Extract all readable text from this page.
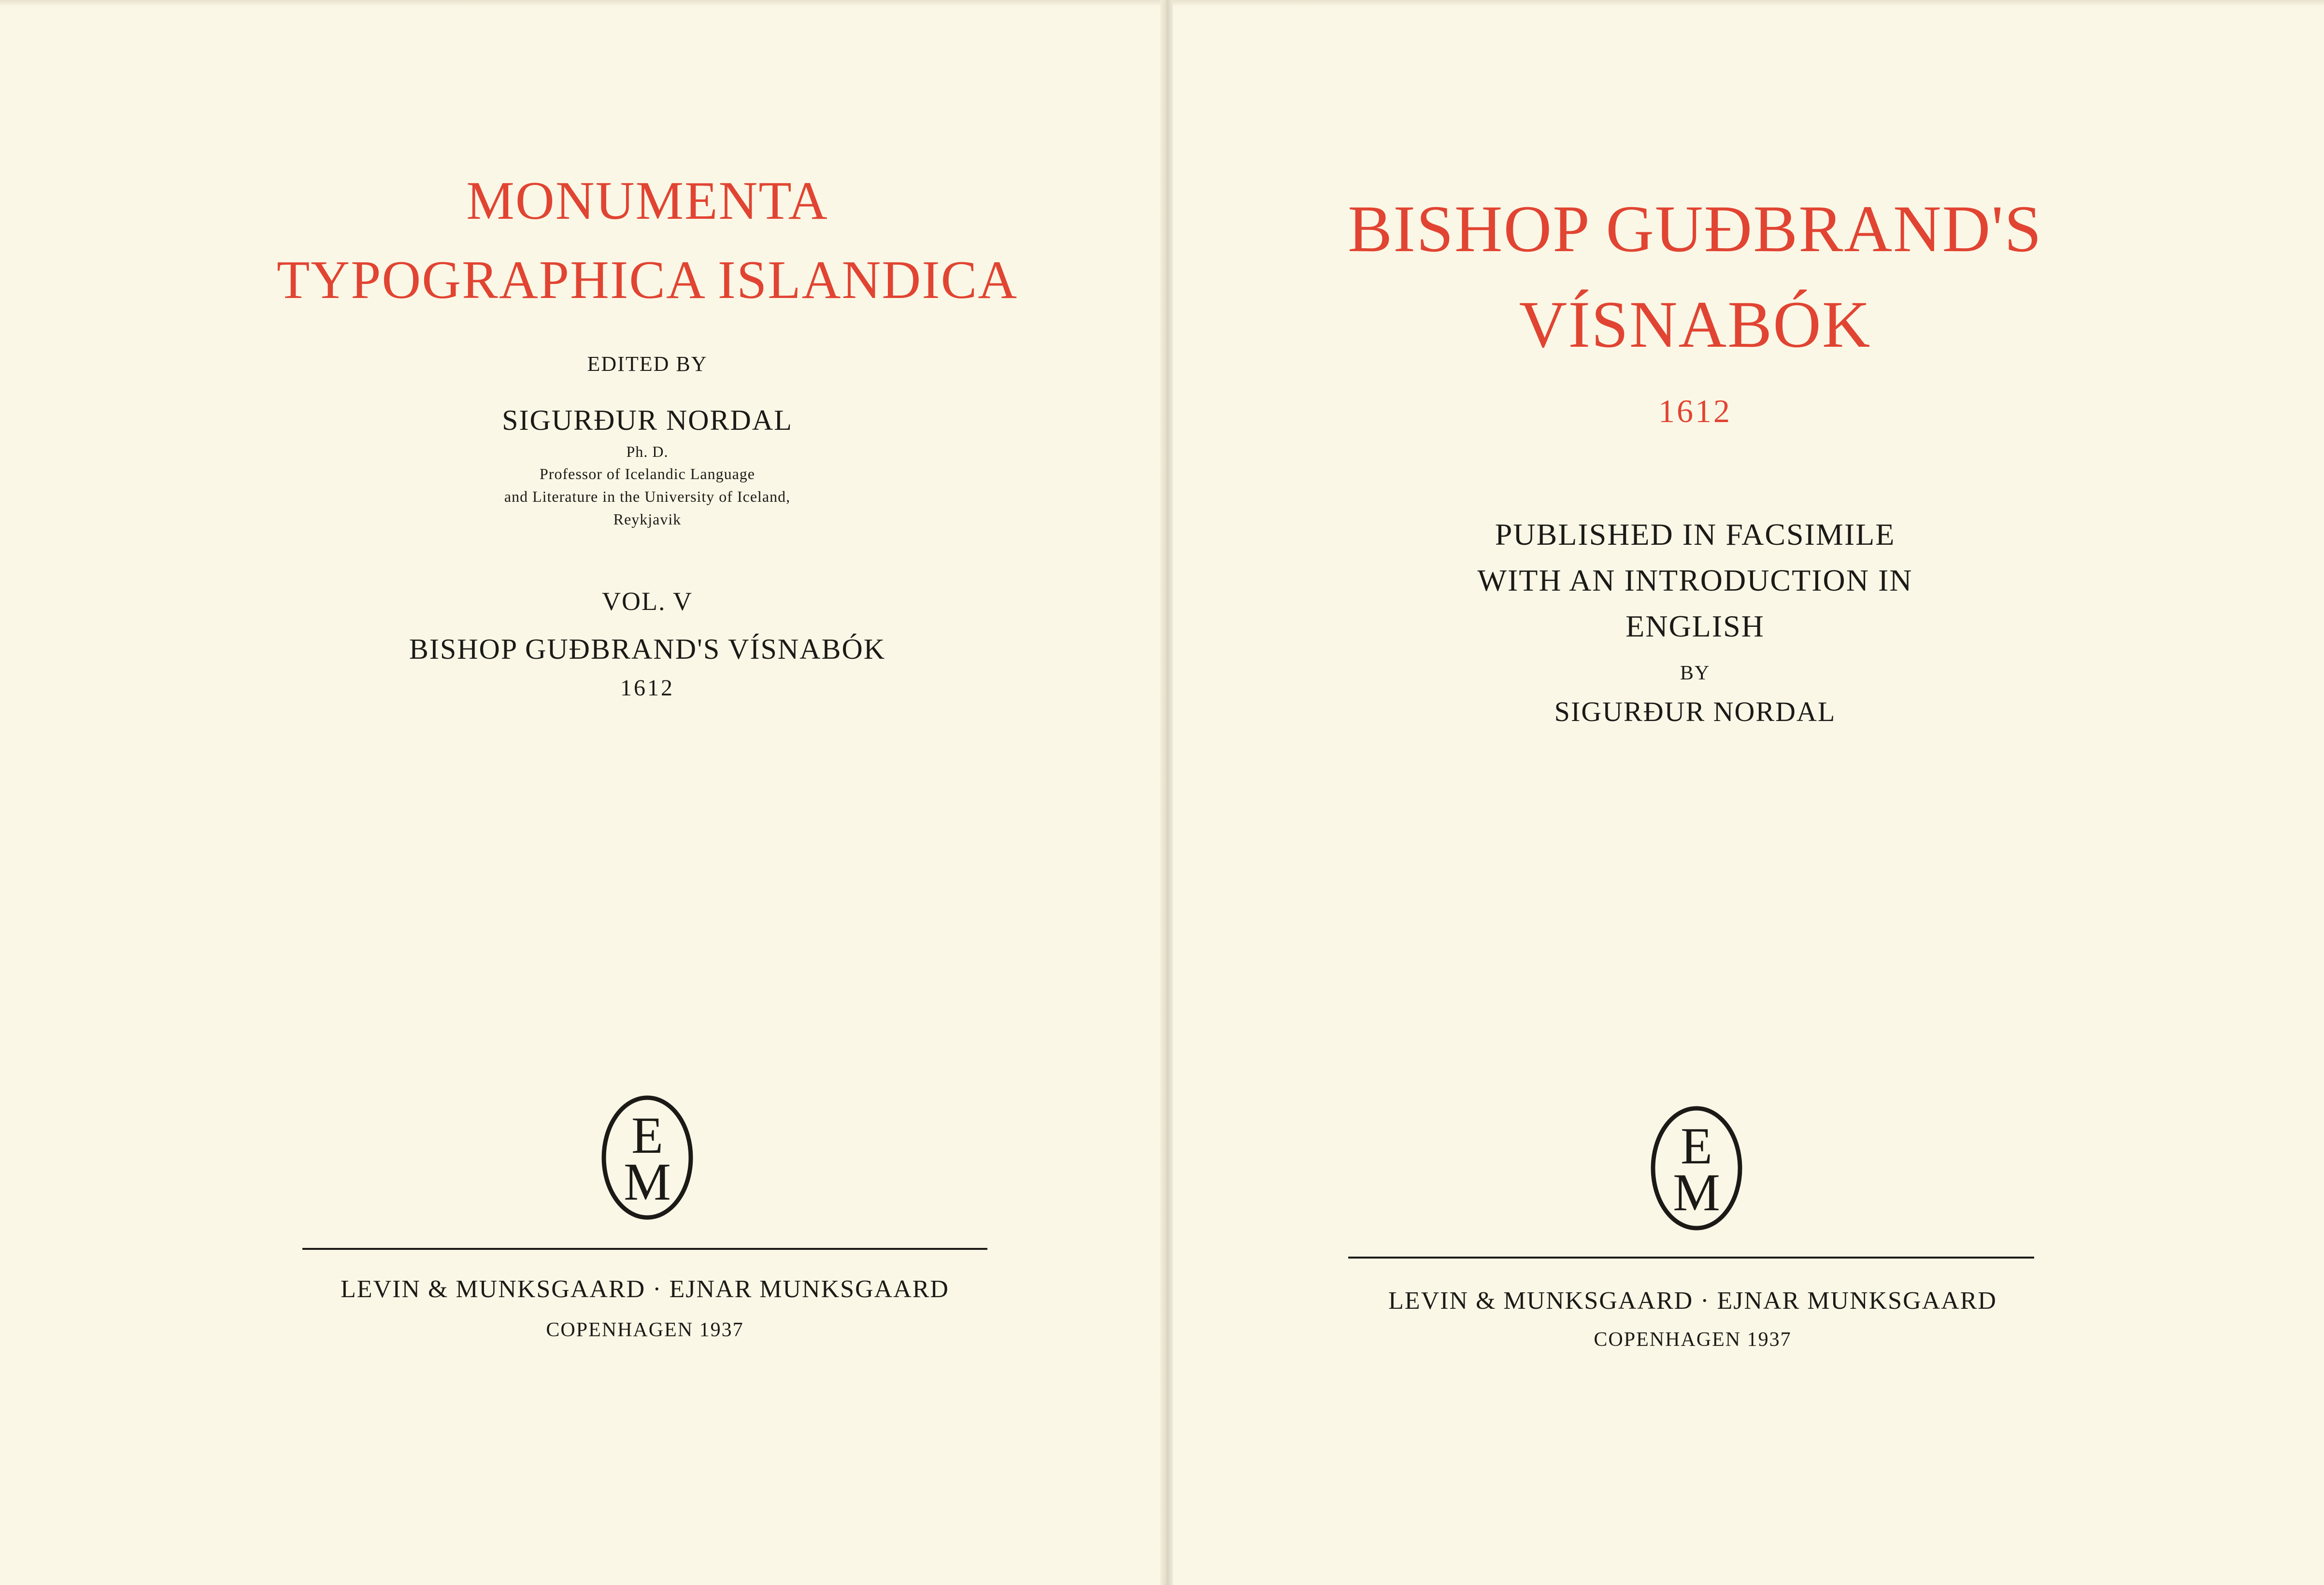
MONUMENTA
TYPOGRAPHICA ISLANDICA
EDITED BY
SIGURÐUR NORDAL
Ph. D.
Professor of Icelandic Language
and Literature in the University of Iceland,
Reykjavik
VOL. V
BISHOP GUÐBRAND'S VÍSNABÓK
1612
E
M
LEVIN & MUNKSGAARD · EJNAR MUNKSGAARD
COPENHAGEN 1937
BISHOP GUÐBRAND'S
VÍSNABÓK
1612
PUBLISHED IN FACSIMILE
WITH AN INTRODUCTION IN
ENGLISH
BY
SIGURÐUR NORDAL
E
M
LEVIN & MUNKSGAARD · EJNAR MUNKSGAARD
COPENHAGEN 1937
